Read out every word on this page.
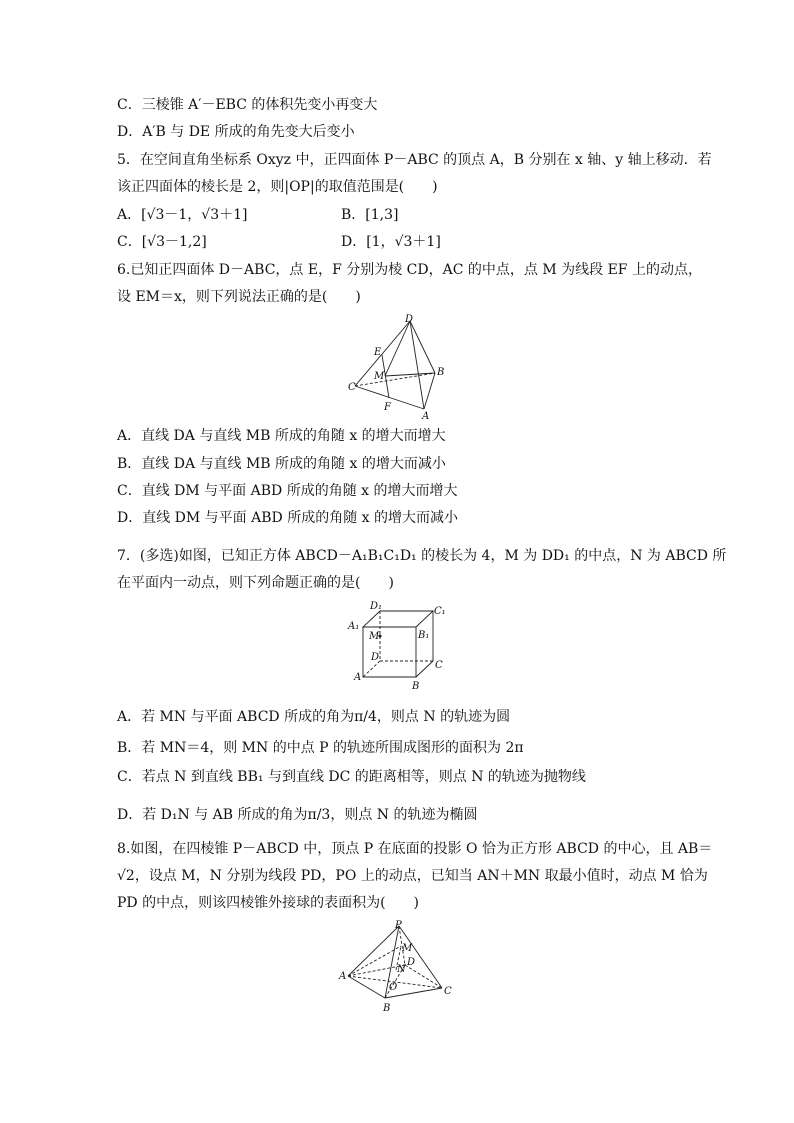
C．三棱锥 A′－EBC 的体积先变小再变大
D．A′B 与 DE 所成的角先变大后变小
5．在空间直角坐标系 Oxyz 中，正四面体 P－ABC 的顶点 A，B 分别在 x 轴、y 轴上移动．若
该正四面体的棱长是 2，则|OP|的取值范围是(　　)
A．[√3－1，√3＋1]	B．[1,3]
C．[√3－1,2]	D．[1，√3＋1]
6.已知正四面体 D－ABC，点 E，F 分别为棱 CD，AC 的中点，点 M 为线段 EF 上的动点，
设 EM＝x，则下列说法正确的是(　　)
D
E
M	B
C
F
A
A．直线 DA 与直线 MB 所成的角随 x 的增大而增大
B．直线 DA 与直线 MB 所成的角随 x 的增大而减小
C．直线 DM 与平面 ABD 所成的角随 x 的增大而增大
D．直线 DM 与平面 ABD 所成的角随 x 的增大而减小
7．(多选)如图，已知正方体 ABCD－A₁B₁C₁D₁ 的棱长为 4，M 为 DD₁ 的中点，N 为 ABCD 所
在平面内一动点，则下列命题正确的是(　　)
D₁	C₁
A₁
M	B₁
D
C
A
B
A．若 MN 与平面 ABCD 所成的角为π/4，则点 N 的轨迹为圆
B．若 MN＝4，则 MN 的中点 P 的轨迹所围成图形的面积为 2π
C．若点 N 到直线 BB₁ 与到直线 DC 的距离相等，则点 N 的轨迹为抛物线
D．若 D₁N 与 AB 所成的角为π/3，则点 N 的轨迹为椭圆
8.如图，在四棱锥 P－ABCD 中，顶点 P 在底面的投影 O 恰为正方形 ABCD 的中心，且 AB＝
√2，设点 M，N 分别为线段 PD，PO 上的动点，已知当 AN＋MN 取最小值时，动点 M 恰为
PD 的中点，则该四棱锥外接球的表面积为(　　)
P
M
D
N
A
O	C
B
